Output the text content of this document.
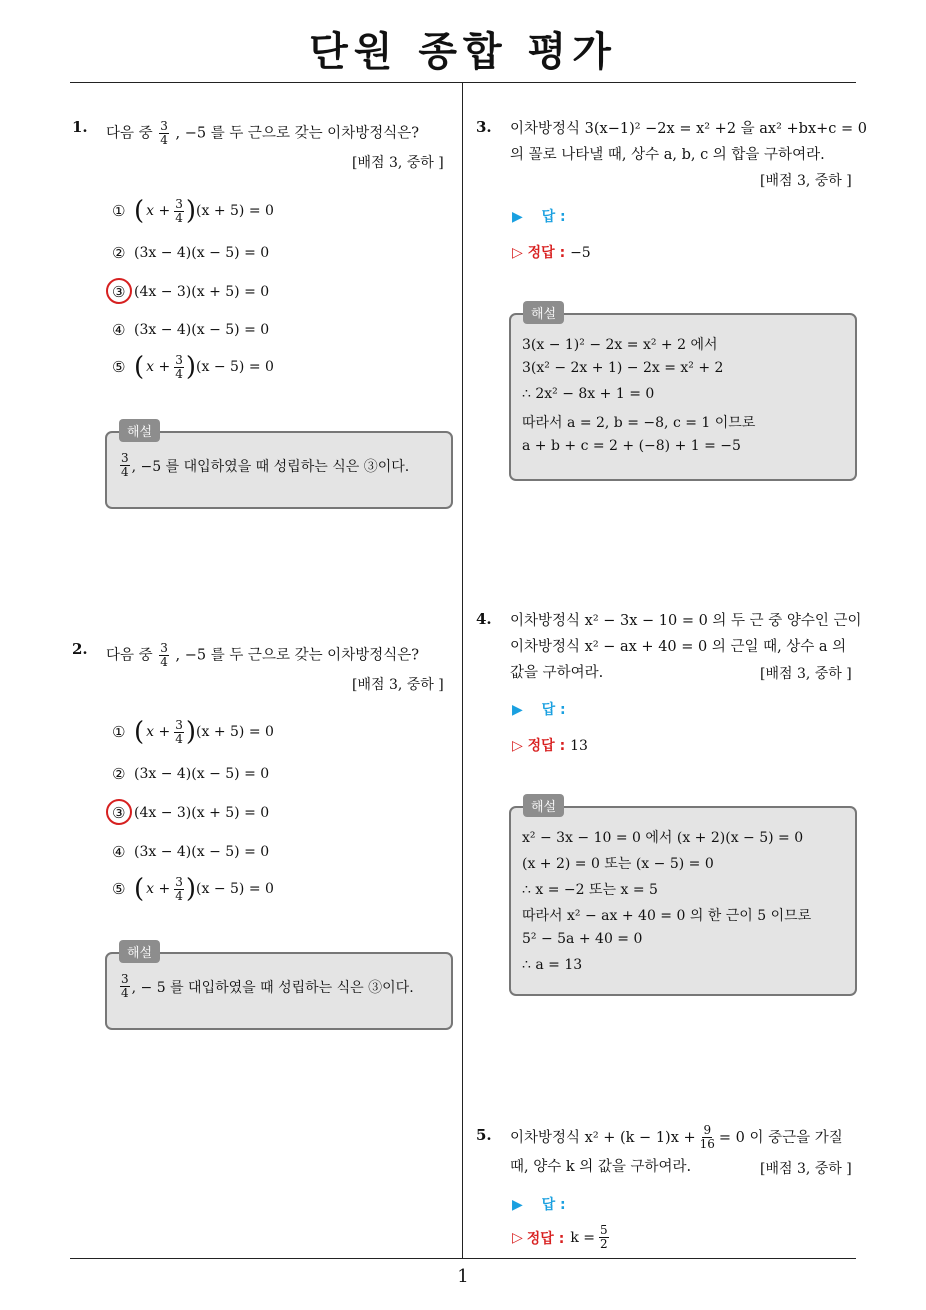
단원 종합 평가
1
1. 다음 중 $\frac{3}{4}$ , −5 를 두 근으로 갖는 이차방정식은?
[배점 3, 중하 ]
① ( $x + \frac{3}{4}$ ) (x + 5) = 0
② (3x − 4)(x − 5) = 0
③ (4x − 3)(x + 5) = 0
④ (3x − 4)(x − 5) = 0
⑤ ( $x + \frac{3}{4}$ ) (x − 5) = 0
해설
$\frac{3}{4}$ , −5 를 대입하였을 때 성립하는 식은 ③이다.
2. 다음 중 $\frac{3}{4}$ , −5 를 두 근으로 갖는 이차방정식은?
[배점 3, 중하 ]
① ( $x + \frac{3}{4}$ ) (x + 5) = 0
② (3x − 4)(x − 5) = 0
③ (4x − 3)(x + 5) = 0
④ (3x − 4)(x − 5) = 0
⑤ ( $x + \frac{3}{4}$ ) (x − 5) = 0
해설
$\frac{3}{4}$ , − 5 를 대입하였을 때 성립하는 식은 ③이다.
3. 이차방정식 3(x−1)² −2x = x² +2 을 ax² +bx+c = 0
의 꼴로 나타낼 때, 상수 a, b, c 의 합을 구하여라.
[배점 3, 중하 ]
▶ 답 :
▷ 정답 : −5
해설
3(x − 1)² − 2x = x² + 2 에서
3(x² − 2x + 1) − 2x = x² + 2
∴ 2x² − 8x + 1 = 0
따라서 a = 2, b = −8, c = 1 이므로
a + b + c = 2 + (−8) + 1 = −5
4. 이차방정식 x² − 3x − 10 = 0 의 두 근 중 양수인 근이
이차방정식 x² − ax + 40 = 0 의 근일 때, 상수 a 의
값을 구하여라.	[배점 3, 중하 ]
▶ 답 :
▷ 정답 : 13
해설
x² − 3x − 10 = 0 에서 (x + 2)(x − 5) = 0
(x + 2) = 0 또는 (x − 5) = 0
∴ x = −2 또는 x = 5
따라서 x² − ax + 40 = 0 의 한 근이 5 이므로
5² − 5a + 40 = 0
∴ a = 13
5. 이차방정식 $x^2 + (k - 1)x + \frac{9}{16} = 0$ 이 중근을 가질
때, 양수 k 의 값을 구하여라.	[배점 3, 중하 ]
▶ 답 :
▷ 정답 : $k = \frac{5}{2}$
